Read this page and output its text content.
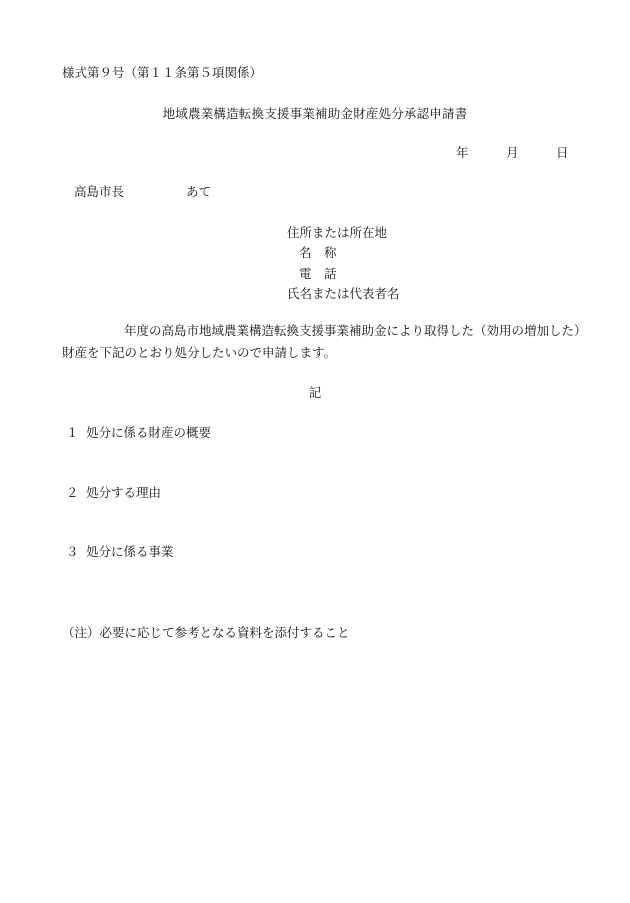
様式第９号（第１１条第５項関係）
地域農業構造転換支援事業補助金財産処分承認申請書
年	月	日
高島市長	あて
住所または所在地
名　称
電　話
氏名または代表者名
年度の高島市地域農業構造転換支援事業補助金により取得した（効用の増加した）
財産を下記のとおり処分したいので申請します。
記
１ 処分に係る財産の概要
２ 処分する理由
３ 処分に係る事業
（注）必要に応じて参考となる資料を添付すること
